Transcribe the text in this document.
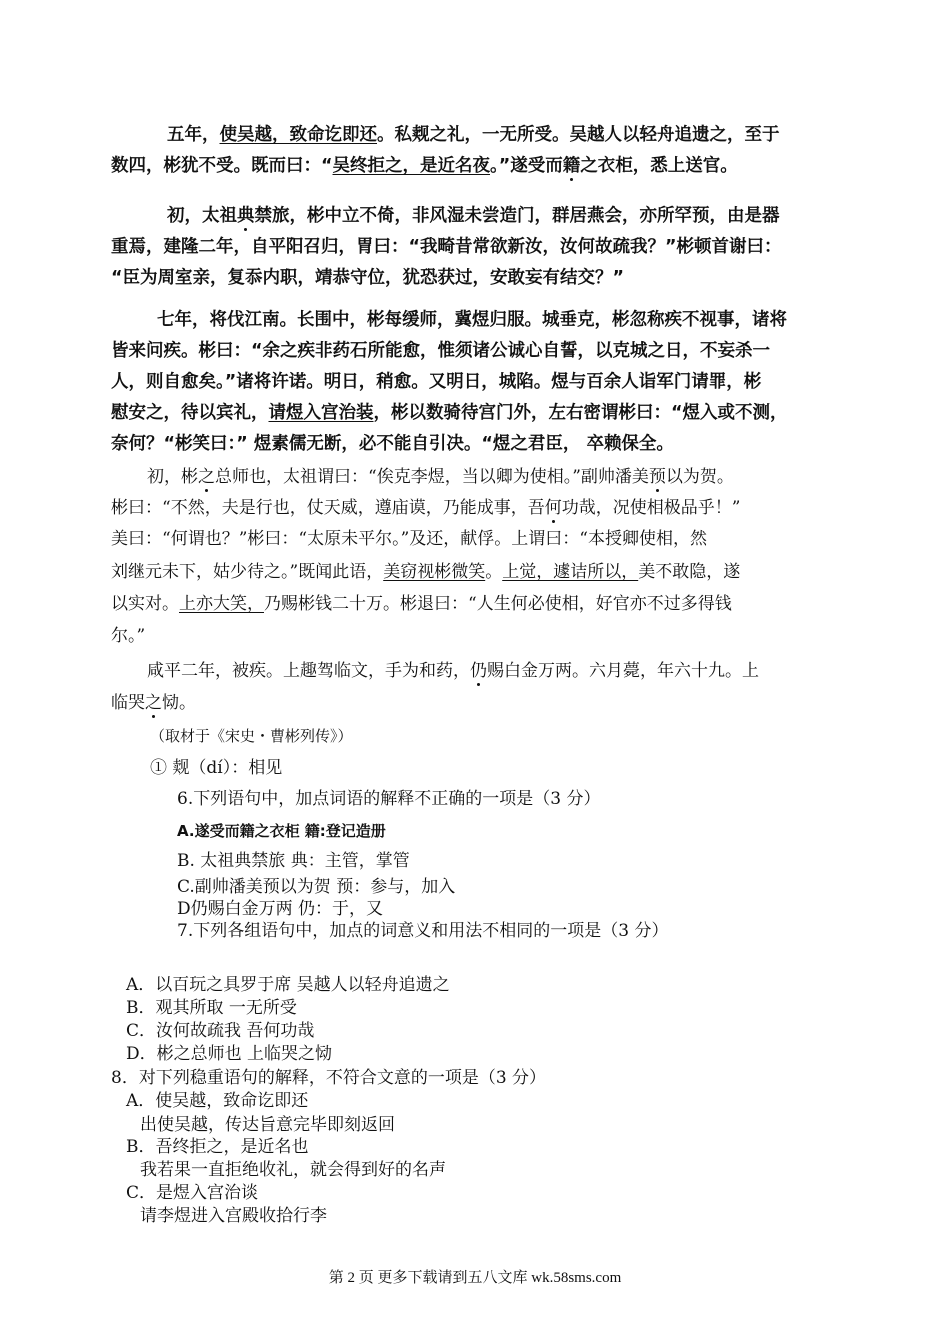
五年，使吴越，致命讫即还。私觌之礼，一无所受。吴越人以轻舟追遗之，至于
数四，彬犹不受。既而曰：“吴终拒之，是近名夜。”遂受而籍之衣柜，悉上送官。
初，太祖典禁旅，彬中立不倚，非风湿未尝造门，群居燕会，亦所罕预，由是器
重焉，建隆二年，自平阳召归，胃曰：“我畸昔常欲新汝，汝何故疏我？”彬顿首谢曰：
“臣为周室亲，复忝内职，靖恭守位，犹恐获过，安敢妄有结交？”
七年，将伐江南。长围中，彬每缓师，冀煜归服。城垂克，彬忽称疾不视事，诸将
皆来问疾。彬曰：“余之疾非药石所能愈，惟须诸公诚心自誓，以克城之日，不妄杀一
人，则自愈矣。”诸将许诺。明日，稍愈。又明日，城陷。煜与百余人诣军门请罪，彬
慰安之，待以宾礼，请煜入宫治装，彬以数骑待宫门外，左右密谓彬曰：“煜入或不测，
奈何？“彬笑曰：” 煜素儒无断，必不能自引决。“煜之君臣， 卒赖保全。
初，彬之总师也，太祖谓曰：“俟克李煜，当以卿为使相。”副帅潘美预以为贺。
彬曰：“不然，夫是行也，仗天威，遵庙谟，乃能成事，吾何功哉，况使相极品乎！”
美曰：“何谓也？”彬曰：“太原未平尔。”及还，献俘。上谓曰：“本授卿使相，然
刘继元未下，姑少待之。”既闻此语，美窃视彬微笑。上觉，遽诘所以，美不敢隐，遂
以实对。上亦大笑，乃赐彬钱二十万。彬退曰：“人生何必使相，好官亦不过多得钱
尔。”
咸平二年，被疾。上趣驾临文，手为和药，仍赐白金万两。六月薨，年六十九。上
临哭之恸。
（取材于《宋史・曹彬列传》）
① 觌（dí）：相见
6.下列语句中，加点词语的解释不正确的一项是（3 分）
A.遂受而籍之衣柜 籍:登记造册
B. 太祖典禁旅 典：主管，掌管
C.副帅潘美预以为贺 预：参与，加入
D仍赐白金万两 仍：于，又
7.下列各组语句中，加点的词意义和用法不相同的一项是（3 分）
A．以百玩之具罗于席 吴越人以轻舟追遗之
B．观其所取 一无所受
C．汝何故疏我 吾何功哉
D．彬之总师也 上临哭之恸
8．对下列稳重语句的解释，不符合文意的一项是（3 分）
A．使吴越，致命讫即还
出使吴越，传达旨意完毕即刻返回
B．吾终拒之，是近名也
我若果一直拒绝收礼，就会得到好的名声
C．是煜入宫治谈
请李煜进入宫殿收拾行李
第 2 页 更多下载请到五八文库 wk.58sms.com
